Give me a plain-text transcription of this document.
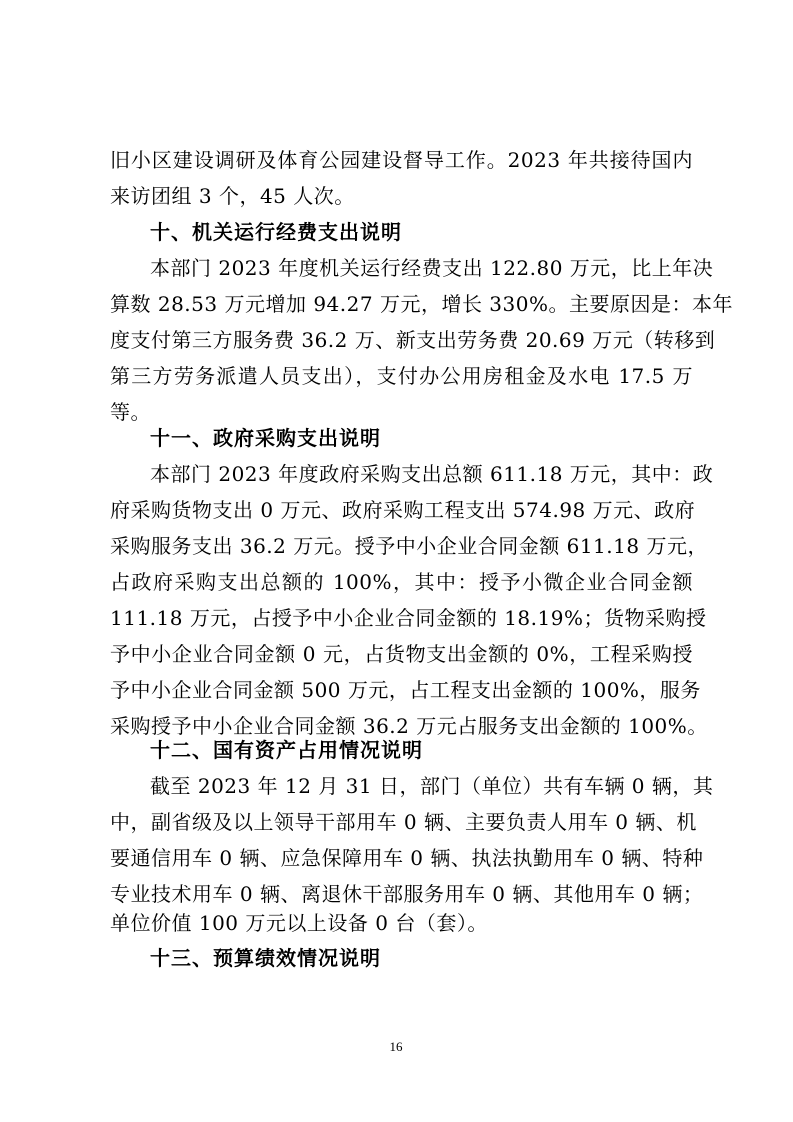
旧小区建设调研及体育公园建设督导工作。2023 年共接待国内
来访团组 3 个，45 人次。
十、机关运行经费支出说明
本部门 2023 年度机关运行经费支出 122.80 万元，比上年决
算数 28.53 万元增加 94.27 万元，增长 330%。主要原因是：本年
度支付第三方服务费 36.2 万、新支出劳务费 20.69 万元（转移到
第三方劳务派遣人员支出），支付办公用房租金及水电 17.5 万
等。
十一、政府采购支出说明
本部门 2023 年度政府采购支出总额 611.18 万元，其中：政
府采购货物支出 0 万元、政府采购工程支出 574.98 万元、政府
采购服务支出 36.2 万元。授予中小企业合同金额 611.18 万元，
占政府采购支出总额的 100%，其中：授予小微企业合同金额
111.18 万元，占授予中小企业合同金额的 18.19%；货物采购授
予中小企业合同金额 0 元，占货物支出金额的 0%，工程采购授
予中小企业合同金额 500 万元，占工程支出金额的 100%，服务
采购授予中小企业合同金额 36.2 万元占服务支出金额的 100%。
十二、国有资产占用情况说明
截至 2023 年 12 月 31 日，部门（单位）共有车辆 0 辆，其
中，副省级及以上领导干部用车 0 辆、主要负责人用车 0 辆、机
要通信用车 0 辆、应急保障用车 0 辆、执法执勤用车 0 辆、特种
专业技术用车 0 辆、离退休干部服务用车 0 辆、其他用车 0 辆；
单位价值 100 万元以上设备 0 台（套）。
十三、预算绩效情况说明
16
